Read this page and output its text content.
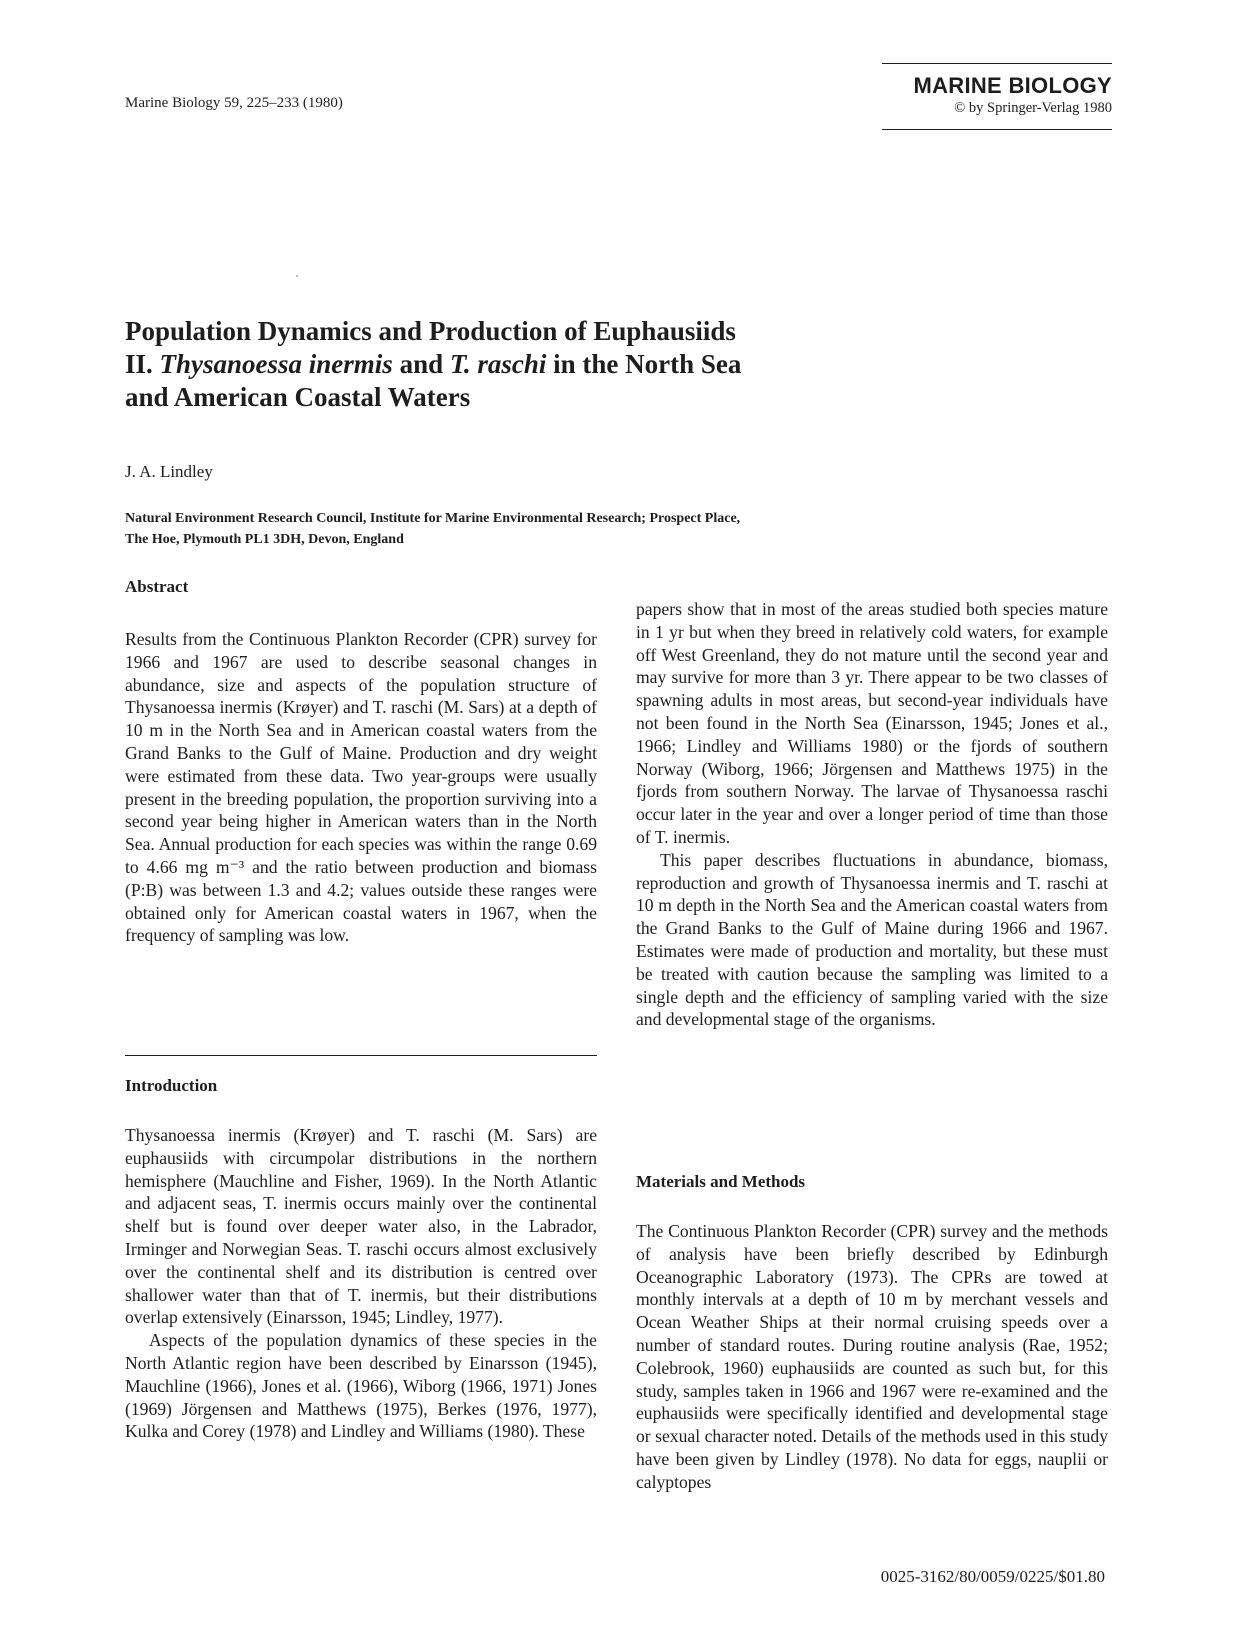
Marine Biology 59, 225–233 (1980)
MARINE BIOLOGY
© by Springer-Verlag 1980
Population Dynamics and Production of Euphausiids
II. Thysanoessa inermis and T. raschi in the North Sea
and American Coastal Waters
J. A. Lindley
Natural Environment Research Council, Institute for Marine Environmental Research; Prospect Place,
The Hoe, Plymouth PL1 3DH, Devon, England
Abstract

Results from the Continuous Plankton Recorder (CPR) survey for 1966 and 1967 are used to describe seasonal changes in abundance, size and aspects of the population structure of Thysanoessa inermis (Krøyer) and T. raschi (M. Sars) at a depth of 10 m in the North Sea and in American coastal waters from the Grand Banks to the Gulf of Maine. Production and dry weight were estimated from these data. Two year-groups were usually present in the breeding population, the proportion surviving into a second year being higher in American waters than in the North Sea. Annual production for each species was within the range 0.69 to 4.66 mg m⁻³ and the ratio between production and biomass (P:B) was between 1.3 and 4.2; values outside these ranges were obtained only for American coastal waters in 1967, when the frequency of sampling was low.

Introduction

Thysanoessa inermis (Krøyer) and T. raschi (M. Sars) are euphausiids with circumpolar distributions in the northern hemisphere (Mauchline and Fisher, 1969). In the North Atlantic and adjacent seas, T. inermis occurs mainly over the continental shelf but is found over deeper water also, in the Labrador, Irminger and Norwegian Seas. T. raschi occurs almost exclusively over the continental shelf and its distribution is centred over shallower water than that of T. inermis, but their distributions overlap extensively (Einarsson, 1945; Lindley, 1977).

Aspects of the population dynamics of these species in the North Atlantic region have been described by Einarsson (1945), Mauchline (1966), Jones et al. (1966), Wiborg (1966, 1971) Jones (1969) Jörgensen and Matthews (1975), Berkes (1976, 1977), Kulka and Corey (1978) and Lindley and Williams (1980). These

papers show that in most of the areas studied both species mature in 1 yr but when they breed in relatively cold waters, for example off West Greenland, they do not mature until the second year and may survive for more than 3 yr. There appear to be two classes of spawning adults in most areas, but second-year individuals have not been found in the North Sea (Einarsson, 1945; Jones et al., 1966; Lindley and Williams 1980) or the fjords of southern Norway (Wiborg, 1966; Jörgensen and Matthews 1975) in the fjords from southern Norway. The larvae of Thysanoessa raschi occur later in the year and over a longer period of time than those of T. inermis.

This paper describes fluctuations in abundance, biomass, reproduction and growth of Thysanoessa inermis and T. raschi at 10 m depth in the North Sea and the American coastal waters from the Grand Banks to the Gulf of Maine during 1966 and 1967. Estimates were made of production and mortality, but these must be treated with caution because the sampling was limited to a single depth and the efficiency of sampling varied with the size and developmental stage of the organisms.

Materials and Methods

The Continuous Plankton Recorder (CPR) survey and the methods of analysis have been briefly described by Edinburgh Oceanographic Laboratory (1973). The CPRs are towed at monthly intervals at a depth of 10 m by merchant vessels and Ocean Weather Ships at their normal cruising speeds over a number of standard routes. During routine analysis (Rae, 1952; Colebrook, 1960) euphausiids are counted as such but, for this study, samples taken in 1966 and 1967 were re-examined and the euphausiids were specifically identified and developmental stage or sexual character noted. Details of the methods used in this study have been given by Lindley (1978). No data for eggs, nauplii or calyptopes

0025-3162/80/0059/0225/$01.80
